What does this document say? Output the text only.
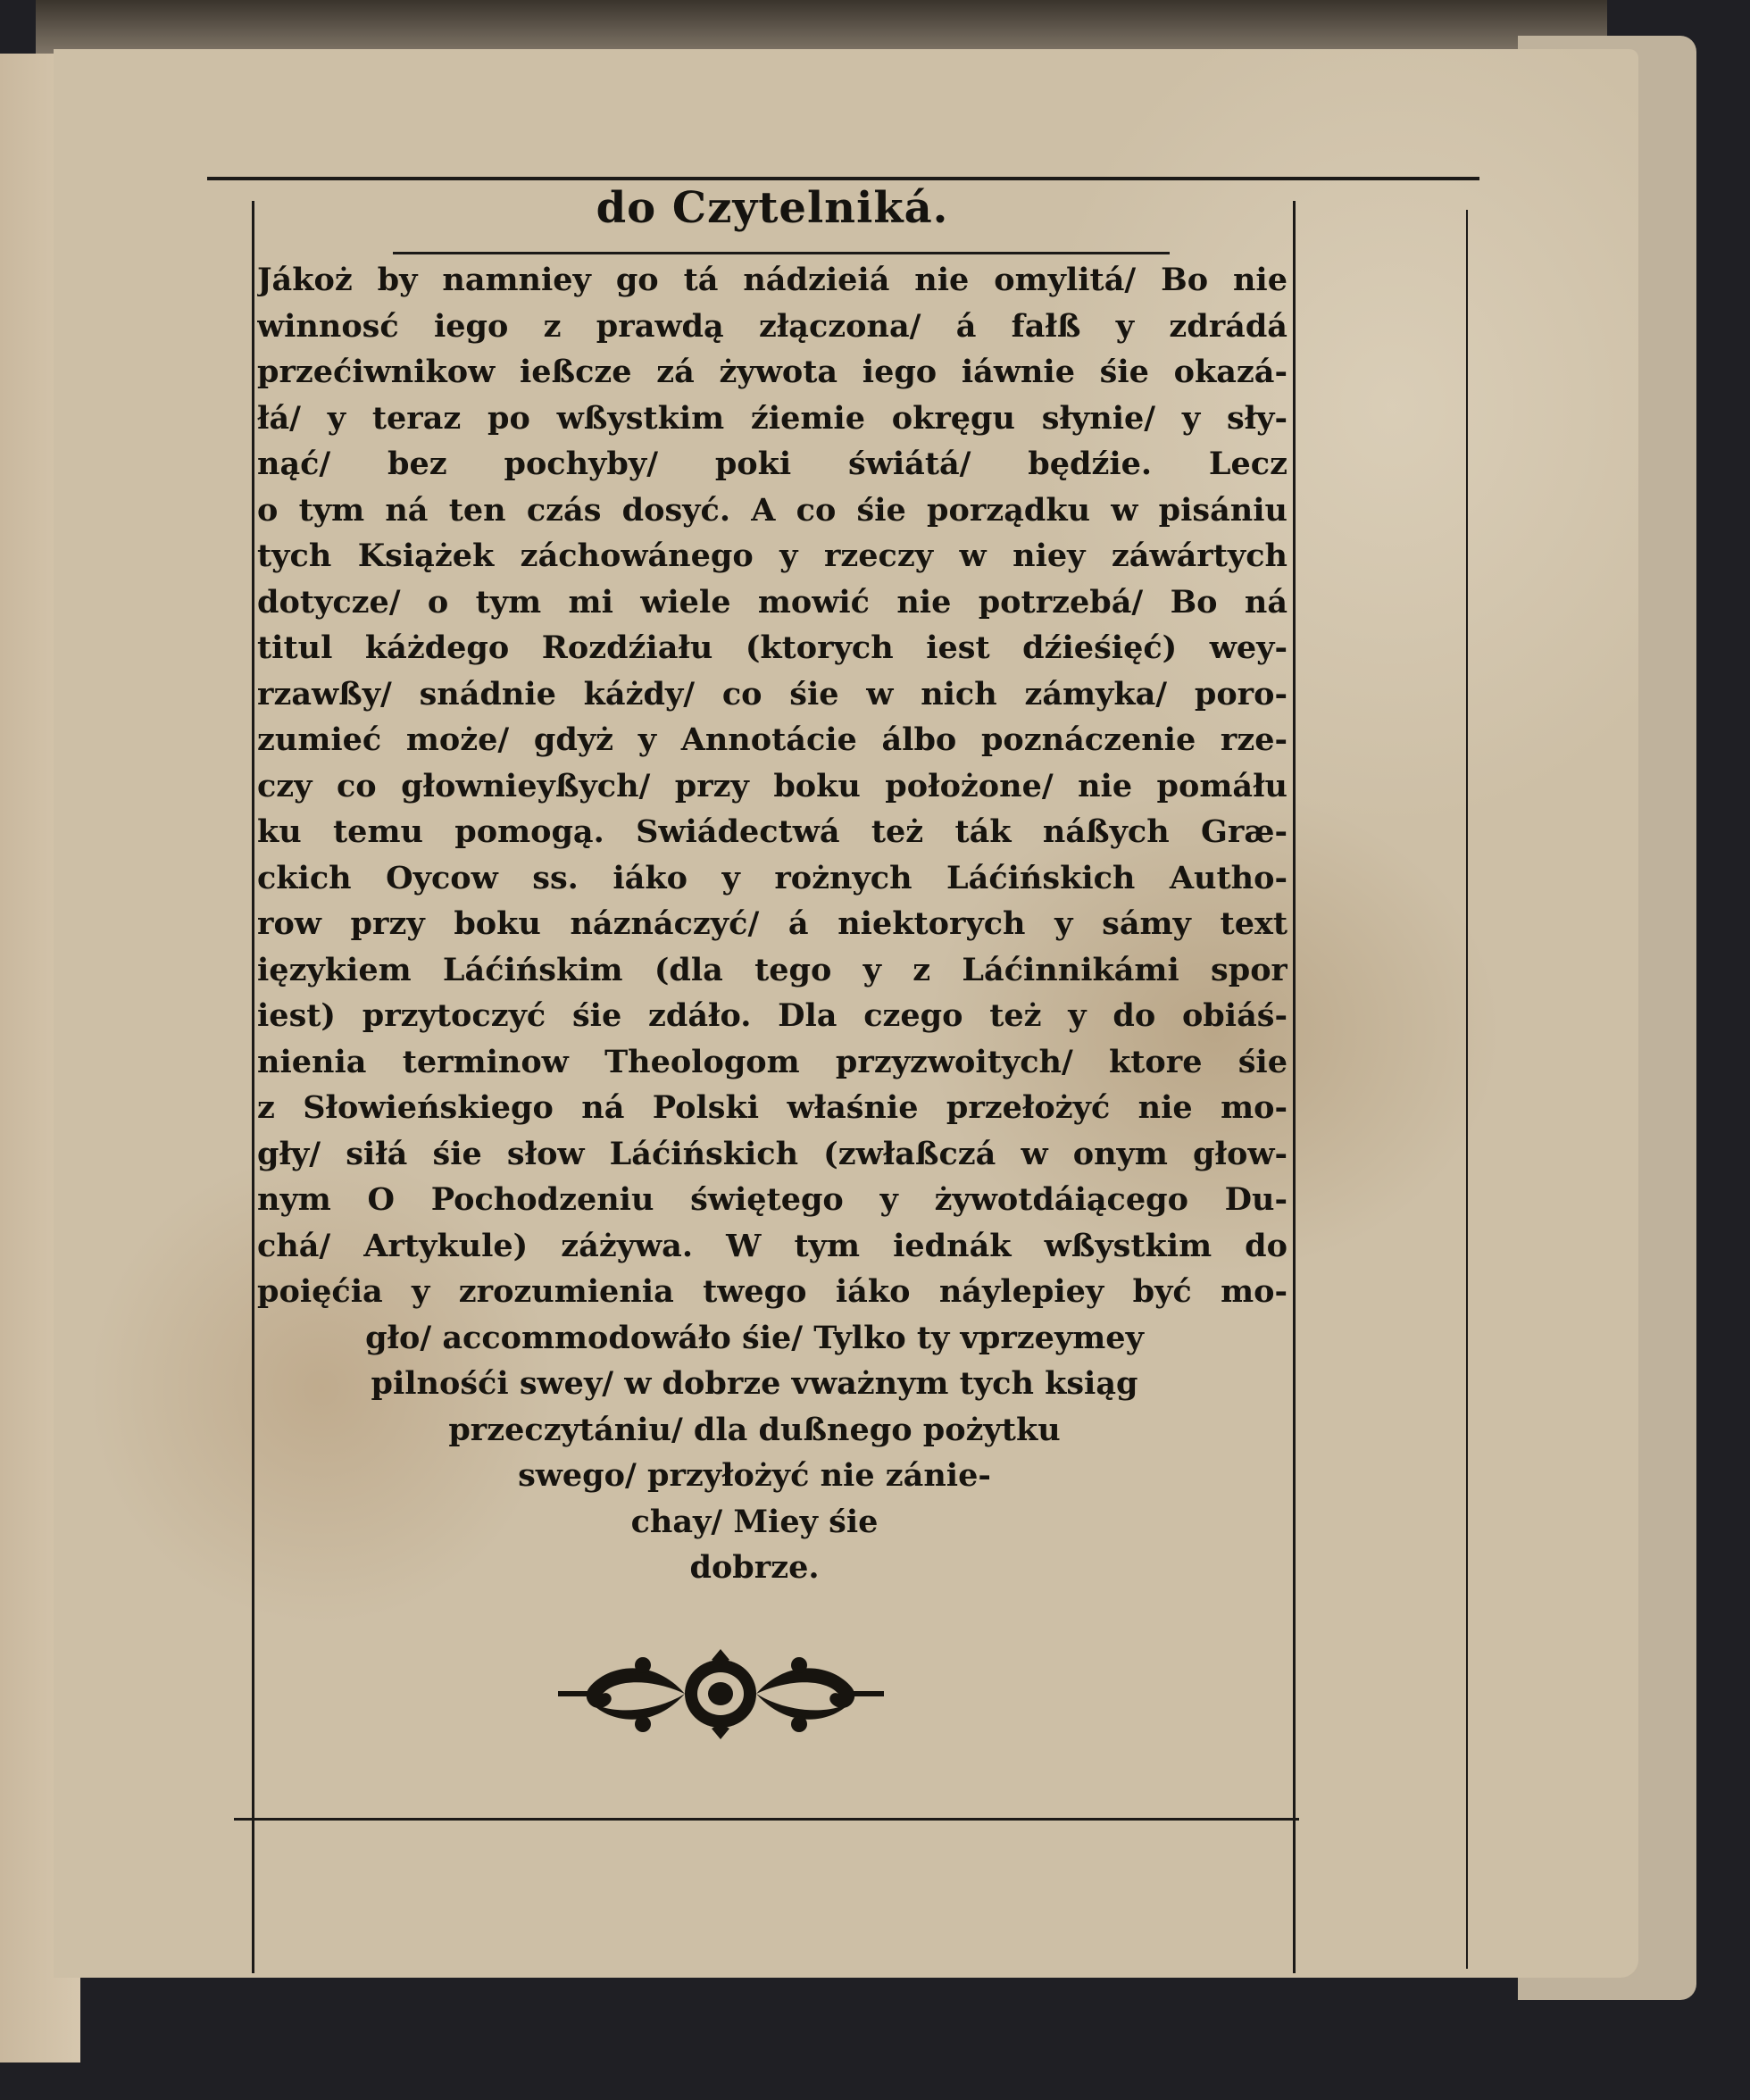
do Czytelniká.
Jákoż by namniey go tá nádzieiá nie omylitá/ Bo nie
winnosć iego z prawdą złączona/ á fałß y zdrádá
przećiwnikow ießcze zá żywota iego iáwnie śie okazá-
łá/ y teraz po wßystkim źiemie okręgu słynie/ y sły-
nąć/ bez pochyby/ poki świátá/ będźie. Lecz
o tym ná ten czás dosyć. A co śie porządku w pisániu
tych Książek záchowánego y rzeczy w niey záwártych
dotycze/ o tym mi wiele mowić nie potrzebá/ Bo ná
titul káżdego Rozdźiału (ktorych iest dźieśięć) wey-
rzawßy/ snádnie káżdy/ co śie w nich zámyka/ poro-
zumieć może/ gdyż y Annotácie álbo poznáczenie rze-
czy co głownieyßych/ przy boku położone/ nie pomáłu
ku temu pomogą. Swiádectwá też ták náßych Græ-
ckich Oycow ss. iáko y rożnych Láćińskich Autho-
row przy boku náznáczyć/ á niektorych y sámy text
ięzykiem Láćińskim (dla tego y z Láćinnikámi spor
iest) przytoczyć śie zdáło. Dla czego też y do obiáś-
nienia terminow Theologom przyzwoitych/ ktore śie
z Słowieńskiego ná Polski właśnie przełożyć nie mo-
gły/ siłá śie słow Láćińskich (zwłaßczá w onym głow-
nym O Pochodzeniu świętego y żywotdáiącego Du-
chá/ Artykule) záżywa. W tym iednák wßystkim do
poięćia y zrozumienia twego iáko náylepiey być mo-
gło/ accommodowáło śie/ Tylko ty vprzeymey
pilnośći swey/ w dobrze vważnym tych ksiąg
przeczytániu/ dla dußnego pożytku
swego/ przyłożyć nie zánie-
chay/ Miey śie
dobrze.
